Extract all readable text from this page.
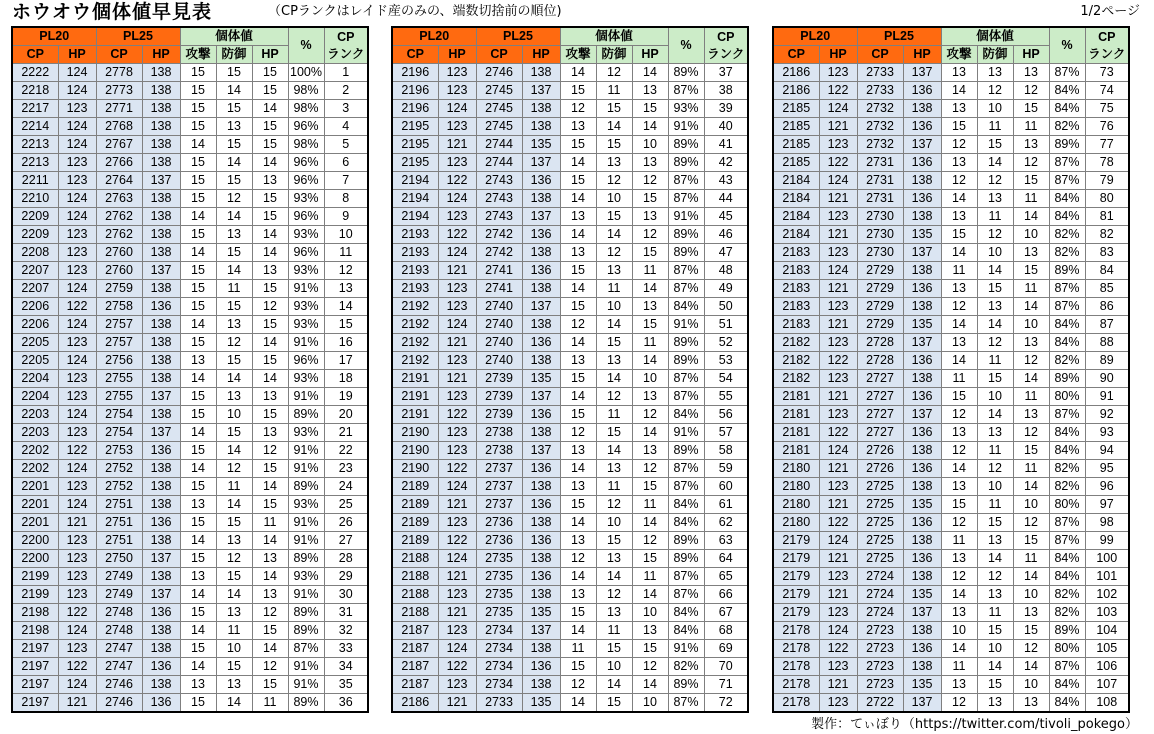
ホウオウ個体値早見表	（CPランクはレイド産のみの、端数切捨前の順位)	1/2ページ
PL20		PL25		個体値			%	CP
ランク
CP	HP	CP	HP	攻撃	防御	HP		
2222	124	2778	138	15	15	15	100%	1
2218	124	2773	138	15	14	15	98%	2
2217	123	2771	138	15	15	14	98%	3
2214	124	2768	138	15	13	15	96%	4
2213	124	2767	138	14	15	15	98%	5
2213	123	2766	138	15	14	14	96%	6
2211	123	2764	137	15	15	13	96%	7
2210	124	2763	138	15	12	15	93%	8
2209	124	2762	138	14	14	15	96%	9
2209	123	2762	138	15	13	14	93%	10
2208	123	2760	138	14	15	14	96%	11
2207	123	2760	137	15	14	13	93%	12
2207	124	2759	138	15	11	15	91%	13
2206	122	2758	136	15	15	12	93%	14
2206	124	2757	138	14	13	15	93%	15
2205	123	2757	138	15	12	14	91%	16
2205	124	2756	138	13	15	15	96%	17
2204	123	2755	138	14	14	14	93%	18
2204	123	2755	137	15	13	13	91%	19
2203	124	2754	138	15	10	15	89%	20
2203	123	2754	137	14	15	13	93%	21
2202	122	2753	136	15	14	12	91%	22
2202	124	2752	138	14	12	15	91%	23
2201	123	2752	138	15	11	14	89%	24
2201	124	2751	138	13	14	15	93%	25
2201	121	2751	136	15	15	11	91%	26
2200	123	2751	138	14	13	14	91%	27
2200	123	2750	137	15	12	13	89%	28
2199	123	2749	138	13	15	14	93%	29
2199	123	2749	137	14	14	13	91%	30
2198	122	2748	136	15	13	12	89%	31
2198	124	2748	138	14	11	15	89%	32
2197	123	2747	138	15	10	14	87%	33
2197	122	2747	136	14	15	12	91%	34
2197	124	2746	138	13	13	15	91%	35
2197	121	2746	136	15	14	11	89%	36
PL20		PL25		個体値			%	CP
ランク
CP	HP	CP	HP	攻撃	防御	HP		
2196	123	2746	138	14	12	14	89%	37
2196	123	2745	137	15	11	13	87%	38
2196	124	2745	138	12	15	15	93%	39
2195	123	2745	138	13	14	14	91%	40
2195	121	2744	135	15	15	10	89%	41
2195	123	2744	137	14	13	13	89%	42
2194	122	2743	136	15	12	12	87%	43
2194	124	2743	138	14	10	15	87%	44
2194	123	2743	137	13	15	13	91%	45
2193	122	2742	136	14	14	12	89%	46
2193	124	2742	138	13	12	15	89%	47
2193	121	2741	136	15	13	11	87%	48
2193	123	2741	138	14	11	14	87%	49
2192	123	2740	137	15	10	13	84%	50
2192	124	2740	138	12	14	15	91%	51
2192	121	2740	136	14	15	11	89%	52
2192	123	2740	138	13	13	14	89%	53
2191	121	2739	135	15	14	10	87%	54
2191	123	2739	137	14	12	13	87%	55
2191	122	2739	136	15	11	12	84%	56
2190	123	2738	138	12	15	14	91%	57
2190	123	2738	137	13	14	13	89%	58
2190	122	2737	136	14	13	12	87%	59
2189	124	2737	138	13	11	15	87%	60
2189	121	2737	136	15	12	11	84%	61
2189	123	2736	138	14	10	14	84%	62
2189	122	2736	136	13	15	12	89%	63
2188	124	2735	138	12	13	15	89%	64
2188	121	2735	136	14	14	11	87%	65
2188	123	2735	138	13	12	14	87%	66
2188	121	2735	135	15	13	10	84%	67
2187	123	2734	137	14	11	13	84%	68
2187	124	2734	138	11	15	15	91%	69
2187	122	2734	136	15	10	12	82%	70
2187	123	2734	138	12	14	14	89%	71
2186	121	2733	135	14	15	10	87%	72
PL20		PL25		個体値			%	CP
ランク
CP	HP	CP	HP	攻撃	防御	HP		
2186	123	2733	137	13	13	13	87%	73
2186	122	2733	136	14	12	12	84%	74
2185	124	2732	138	13	10	15	84%	75
2185	121	2732	136	15	11	11	82%	76
2185	123	2732	137	12	15	13	89%	77
2185	122	2731	136	13	14	12	87%	78
2184	124	2731	138	12	12	15	87%	79
2184	121	2731	136	14	13	11	84%	80
2184	123	2730	138	13	11	14	84%	81
2184	121	2730	135	15	12	10	82%	82
2183	123	2730	137	14	10	13	82%	83
2183	124	2729	138	11	14	15	89%	84
2183	121	2729	136	13	15	11	87%	85
2183	123	2729	138	12	13	14	87%	86
2183	121	2729	135	14	14	10	84%	87
2182	123	2728	137	13	12	13	84%	88
2182	122	2728	136	14	11	12	82%	89
2182	123	2727	138	11	15	14	89%	90
2181	121	2727	136	15	10	11	80%	91
2181	123	2727	137	12	14	13	87%	92
2181	122	2727	136	13	13	12	84%	93
2181	124	2726	138	12	11	15	84%	94
2180	121	2726	136	14	12	11	82%	95
2180	123	2725	138	13	10	14	82%	96
2180	121	2725	135	15	11	10	80%	97
2180	122	2725	136	12	15	12	87%	98
2179	124	2725	138	11	13	15	87%	99
2179	121	2725	136	13	14	11	84%	100
2179	123	2724	138	12	12	14	84%	101
2179	121	2724	135	14	13	10	82%	102
2179	123	2724	137	13	11	13	82%	103
2178	124	2723	138	10	15	15	89%	104
2178	122	2723	136	14	10	12	80%	105
2178	123	2723	138	11	14	14	87%	106
2178	121	2723	135	13	15	10	84%	107
2178	123	2722	137	12	13	13	84%	108
製作：てぃぼり（https://twitter.com/tivoli_pokego）
